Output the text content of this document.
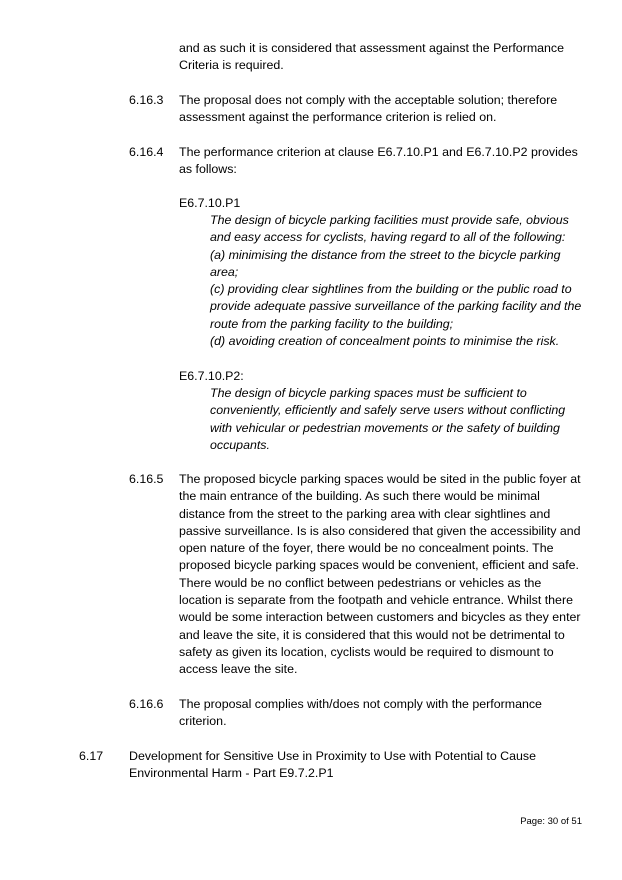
and as such it is considered that assessment against the Performance Criteria is required.
6.16.3 The proposal does not comply with the acceptable solution; therefore assessment against the performance criterion is relied on.
6.16.4 The performance criterion at clause E6.7.10.P1 and E6.7.10.P2 provides as follows:
E6.7.10.P1
The design of bicycle parking facilities must provide safe, obvious and easy access for cyclists, having regard to all of the following:
(a) minimising the distance from the street to the bicycle parking area;
(c) providing clear sightlines from the building or the public road to provide adequate passive surveillance of the parking facility and the route from the parking facility to the building;
(d) avoiding creation of concealment points to minimise the risk.
E6.7.10.P2:
The design of bicycle parking spaces must be sufficient to conveniently, efficiently and safely serve users without conflicting with vehicular or pedestrian movements or the safety of building occupants.
6.16.5 The proposed bicycle parking spaces would be sited in the public foyer at the main entrance of the building. As such there would be minimal distance from the street to the parking area with clear sightlines and passive surveillance. Is is also considered that given the accessibility and open nature of the foyer, there would be no concealment points. The proposed bicycle parking spaces would be convenient, efficient and safe. There would be no conflict between pedestrians or vehicles as the location is separate from the footpath and vehicle entrance. Whilst there would be some interaction between customers and bicycles as they enter and leave the site, it is considered that this would not be detrimental to safety as given its location, cyclists would be required to dismount to access leave the site.
6.16.6 The proposal complies with/does not comply with the performance criterion.
6.17 Development for Sensitive Use in Proximity to Use with Potential to Cause Environmental Harm - Part E9.7.2.P1
Page: 30 of 51
